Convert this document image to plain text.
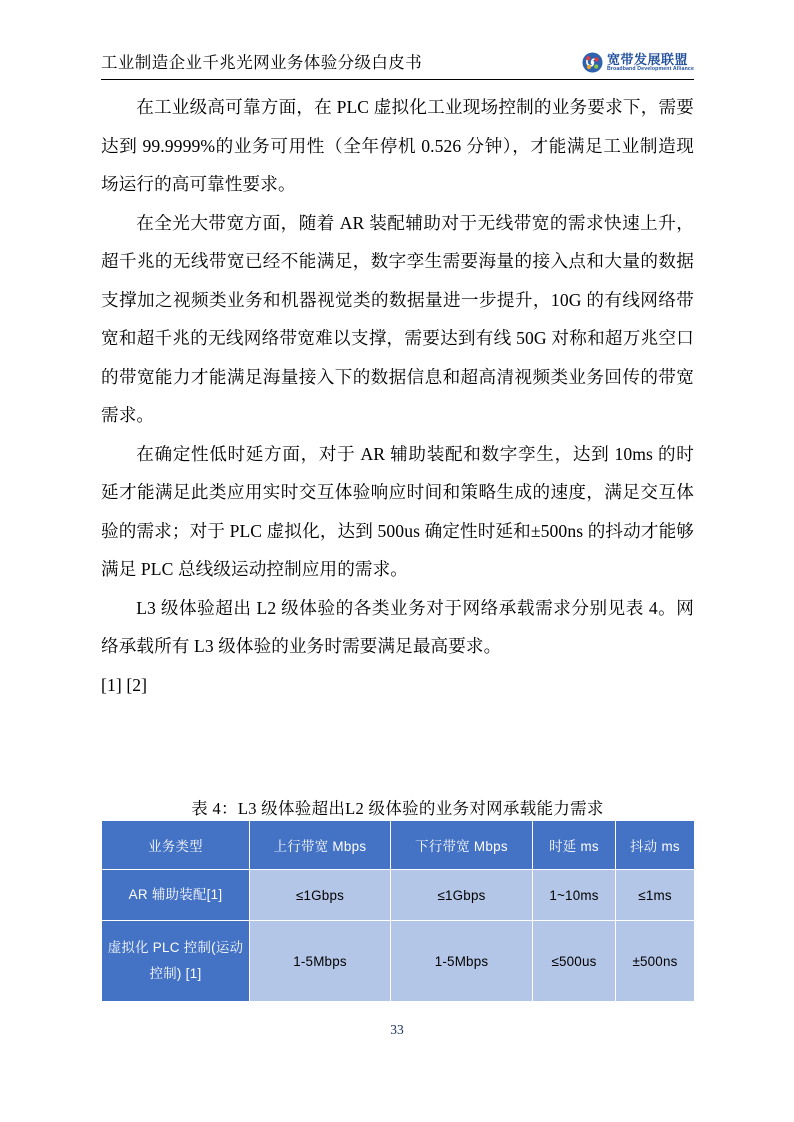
工业制造企业千兆光网业务体验分级白皮书	宽带发展联盟
Broadband Development Alliance

在工业级高可靠方面，在 PLC 虚拟化工业现场控制的业务要求下，需要达到 99.9999%的业务可用性（全年停机 0.526 分钟），才能满足工业制造现场运行的高可靠性要求。

在全光大带宽方面，随着 AR 装配辅助对于无线带宽的需求快速上升，超千兆的无线带宽已经不能满足，数字孪生需要海量的接入点和大量的数据支撑加之视频类业务和机器视觉类的数据量进一步提升，10G 的有线网络带宽和超千兆的无线网络带宽难以支撑，需要达到有线 50G 对称和超万兆空口的带宽能力才能满足海量接入下的数据信息和超高清视频类业务回传的带宽需求。

在确定性低时延方面，对于 AR 辅助装配和数字孪生，达到 10ms 的时延才能满足此类应用实时交互体验响应时间和策略生成的速度，满足交互体验的需求；对于 PLC 虚拟化，达到 500us 确定性时延和±500ns 的抖动才能够满足 PLC 总线级运动控制应用的需求。

L3 级体验超出 L2 级体验的各类业务对于网络承载需求分别见表 4。网络承载所有 L3 级体验的业务时需要满足最高要求。

[1] [2]

表 4：L3 级体验超出L2 级体验的业务对网承载能力需求
业务类型	上行带宽 Mbps	下行带宽 Mbps	时延 ms	抖动 ms
AR 辅助装配[1]	≤1Gbps	≤1Gbps	1~10ms	≤1ms
虚拟化 PLC 控制(运动控制) [1]	1-5Mbps	1-5Mbps	≤500us	±500ns
33
